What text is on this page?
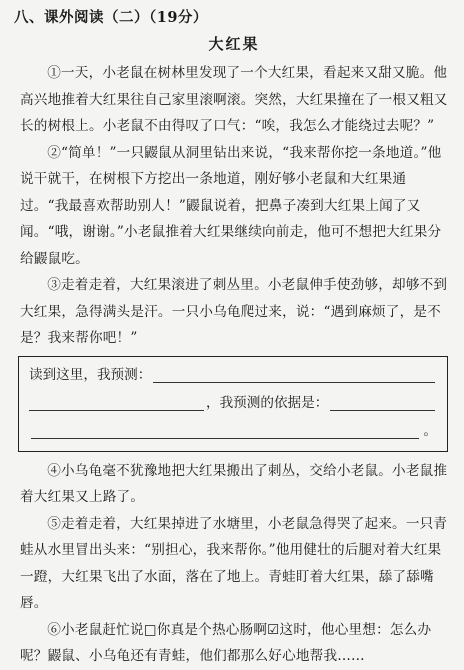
八、课外阅读（二）（19分）
大红果

①一天，小老鼠在树林里发现了一个大红果，看起来又甜又脆。他高兴地推着大红果往自己家里滚啊滚。突然，大红果撞在了一根又粗又长的树根上。小老鼠不由得叹了口气：“唉，我怎么才能绕过去呢？”

②“简单！”一只鼹鼠从洞里钻出来说，“我来帮你挖一条地道。”他说干就干，在树根下方挖出一条地道，刚好够小老鼠和大红果通过。“我最喜欢帮助别人！”鼹鼠说着，把鼻子凑到大红果上闻了又闻。“哦，谢谢。”小老鼠推着大红果继续向前走，他可不想把大红果分给鼹鼠吃。

③走着走着，大红果滚进了刺丛里。小老鼠伸手使劲够，却够不到大红果，急得满头是汗。一只小乌龟爬过来，说：“遇到麻烦了，是不是？我来帮你吧！”

读到这里，我预测：
，我预测的依据是：
。

④小乌龟毫不犹豫地把大红果搬出了刺丛，交给小老鼠。小老鼠推着大红果又上路了。

⑤走着走着，大红果掉进了水塘里，小老鼠急得哭了起来。一只青蛙从水里冒出头来：“别担心，我来帮你。”他用健壮的后腿对着大红果一蹬，大红果飞出了水面，落在了地上。青蛙盯着大红果，舔了舔嘴唇。

⑥小老鼠赶忙说□你真是个热心肠啊☑这时，他心里想：怎么办呢？鼹鼠、小乌龟还有青蛙，他们都那么好心地帮我……
